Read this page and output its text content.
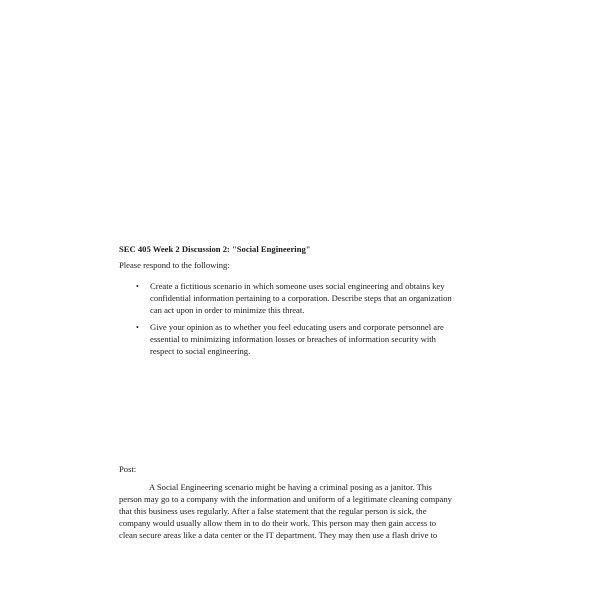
SEC 405 Week 2 Discussion 2: "Social Engineering"
Please respond to the following:
• Create a fictitious scenario in which someone uses social engineering and obtains key
confidential information pertaining to a corporation. Describe steps that an organization
can act upon in order to minimize this threat.
• Give your opinion as to whether you feel educating users and corporate personnel are
essential to minimizing information losses or breaches of information security with
respect to social engineering.
Post:
A Social Engineering scenario might be having a criminal posing as a janitor. This
person may go to a company with the information and uniform of a legitimate cleaning company
that this business uses regularly. After a false statement that the regular person is sick, the
company would usually allow them in to do their work. This person may then gain access to
clean secure areas like a data center or the IT department. They may then use a flash drive to
